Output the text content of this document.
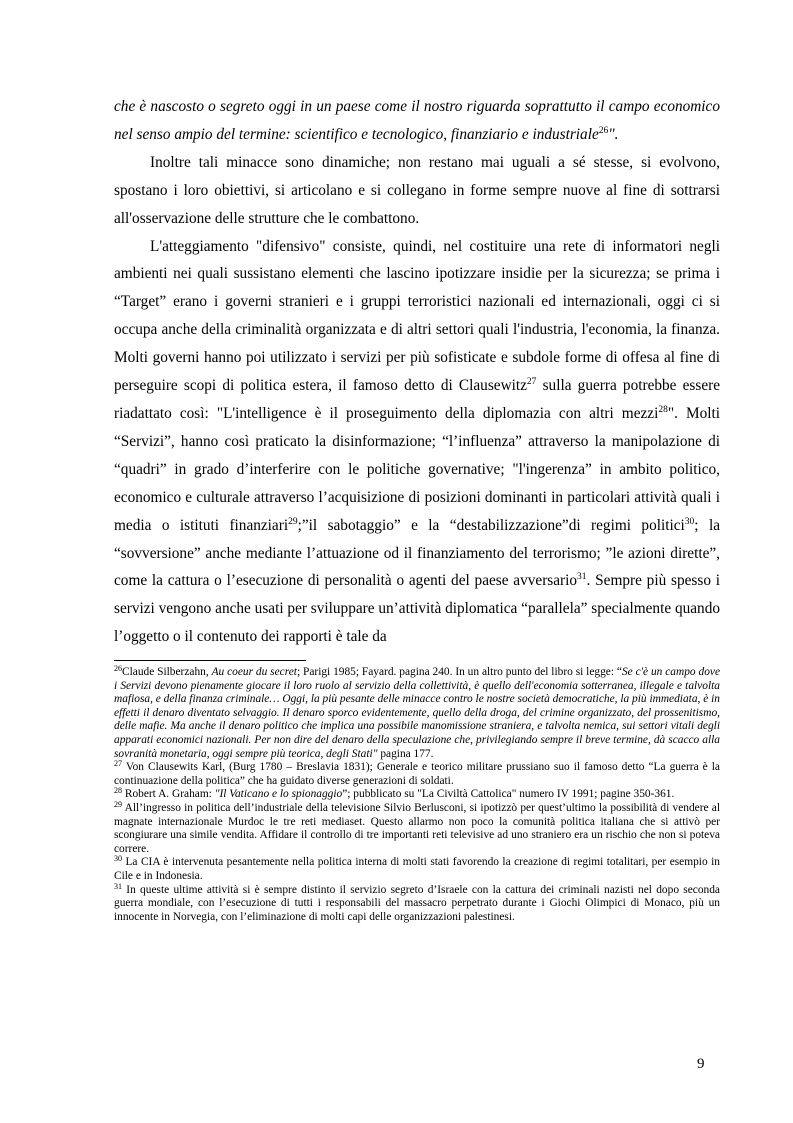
che è nascosto o segreto oggi in un paese come il nostro riguarda soprattutto il campo economico nel senso ampio del termine: scientifico e tecnologico, finanziario e industriale$^{26}$".

Inoltre tali minacce sono dinamiche; non restano mai uguali a sé stesse, si evolvono, spostano i loro obiettivi, si articolano e si collegano in forme sempre nuove al fine di sottrarsi all'osservazione delle strutture che le combattono.

L'atteggiamento "difensivo" consiste, quindi, nel costituire una rete di informatori negli ambienti nei quali sussistano elementi che lascino ipotizzare insidie per la sicurezza; se prima i “Target” erano i governi stranieri e i gruppi terroristici nazionali ed internazionali, oggi ci si occupa anche della criminalità organizzata e di altri settori quali l'industria, l'economia, la finanza. Molti governi hanno poi utilizzato i servizi per più sofisticate e subdole forme di offesa al fine di perseguire scopi di politica estera, il famoso detto di Clausewitz$^{27}$ sulla guerra potrebbe essere riadattato così: "L'intelligence è il proseguimento della diplomazia con altri mezzi$^{28}$". Molti “Servizi”, hanno così praticato la disinformazione; “l’influenza” attraverso la manipolazione di “quadri” in grado d’interferire con le politiche governative; "l'ingerenza” in ambito politico, economico e culturale attraverso l’acquisizione di posizioni dominanti in particolari attività quali i media o istituti finanziari$^{29}$;”il sabotaggio” e la “destabilizzazione”di regimi politici$^{30}$; la “sovversione” anche mediante l’attuazione od il finanziamento del terrorismo; ”le azioni dirette”, come la cattura o l’esecuzione di personalità o agenti del paese avversario$^{31}$. Sempre più spesso i servizi vengono anche usati per sviluppare un’attività diplomatica “parallela” specialmente quando l’oggetto o il contenuto dei rapporti è tale da

$^{26}$Claude Silberzahn, Au coeur du secret; Parigi 1985; Fayard. pagina 240. In un altro punto del libro si legge: “Se c'è un campo dove i Servizi devono pienamente giocare il loro ruolo al servizio della collettività, è quello dell'economia sotterranea, illegale e talvolta mafiosa, e della finanza criminale… Oggi, la più pesante delle minacce contro le nostre società democratiche, la più immediata, è in effetti il denaro diventato selvaggio. Il denaro sporco evidentemente, quello della droga, del crimine organizzato, del prossenitismo, delle mafie. Ma anche il denaro politico che implica una possibile manomissione straniera, e talvolta nemica, sui settori vitali degli apparati economici nazionali. Per non dire del denaro della speculazione che, privilegiando sempre il breve termine, dà scacco alla sovranità monetaria, oggi sempre più teorica, degli Stati" pagina 177.

$^{27}$ Von Clausewits Karl, (Burg 1780 – Breslavia 1831); Generale e teorico militare prussiano suo il famoso detto “La guerra è la continuazione della politica” che ha guidato diverse generazioni di soldati.

$^{28}$ Robert A. Graham: "Il Vaticano e lo spionaggio”; pubblicato su "La Civiltà Cattolica" numero IV 1991; pagine 350-361.

$^{29}$ All’ingresso in politica dell’industriale della televisione Silvio Berlusconi, si ipotizzò per quest’ultimo la possibilità di vendere al magnate internazionale Murdoc le tre reti mediaset. Questo allarmo non poco la comunità politica italiana che si attivò per scongiurare una simile vendita. Affidare il controllo di tre importanti reti televisive ad uno straniero era un rischio che non si poteva correre.

$^{30}$ La CIA è intervenuta pesantemente nella politica interna di molti stati favorendo la creazione di regimi totalitari, per esempio in Cile e in Indonesia.

$^{31}$ In queste ultime attività si è sempre distinto il servizio segreto d’Israele con la cattura dei criminali nazisti nel dopo seconda guerra mondiale, con l’esecuzione di tutti i responsabili del massacro perpetrato durante i Giochi Olimpici di Monaco, più un innocente in Norvegia, con l’eliminazione di molti capi delle organizzazioni palestinesi.

9
